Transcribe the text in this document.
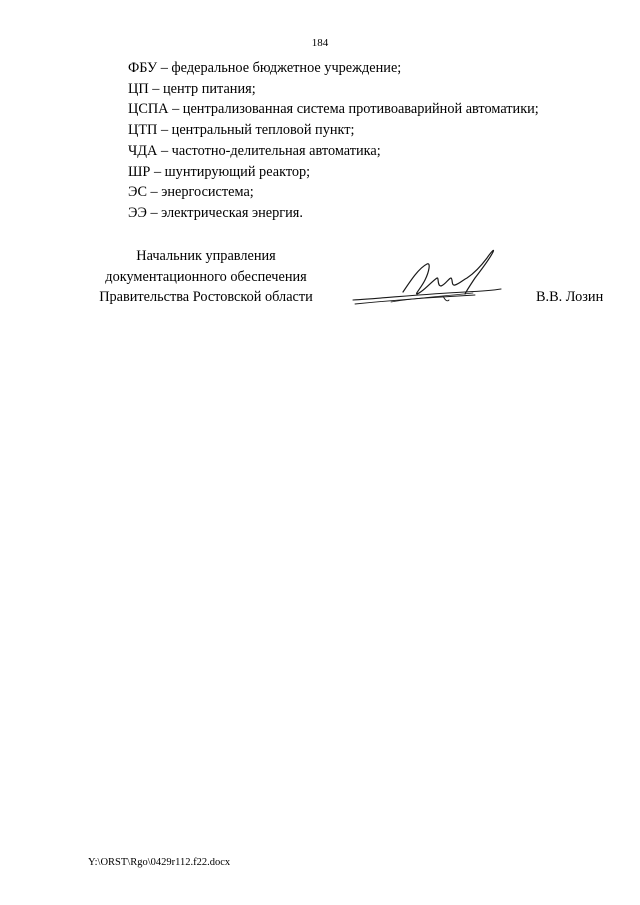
184
ФБУ – федеральное бюджетное учреждение;
ЦП – центр питания;
ЦСПА – централизованная система противоаварийной автоматики;
ЦТП – центральный тепловой пункт;
ЧДА – частотно-делительная автоматика;
ШР – шунтирующий реактор;
ЭС – энергосистема;
ЭЭ – электрическая энергия.
Начальник управления
документационного обеспечения
Правительства Ростовской области	В.В. Лозин
Y:\ORST\Rgo\0429r112.f22.docx
